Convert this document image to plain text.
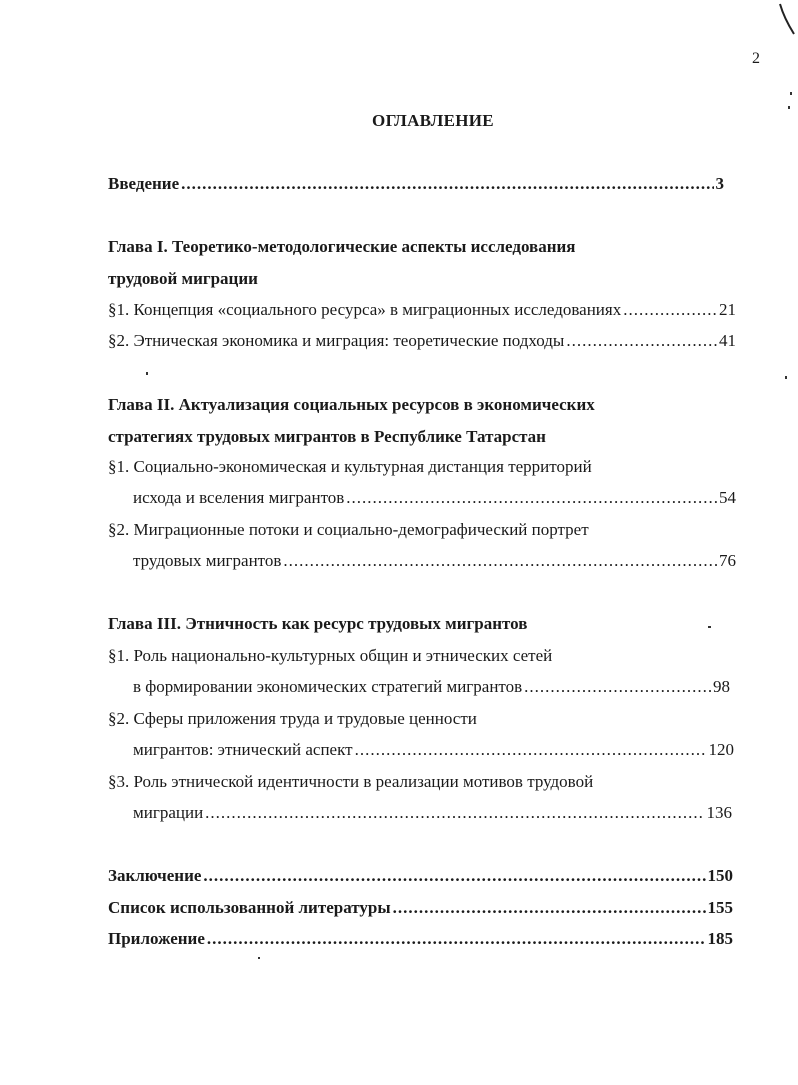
2
ОГЛАВЛЕНИЕ
Введение .....	3
Глава I. Теоретико-методологические аспекты исследования
трудовой миграции
§1. Концепция «социального ресурса» в миграционных исследованиях .....	21
§2. Этническая экономика и миграция: теоретические подходы .....	41
Глава II. Актуализация социальных ресурсов в экономических
стратегиях трудовых мигрантов в Республике Татарстан
§1. Социально-экономическая и культурная дистанция территорий
исхода и вселения мигрантов .....	54
§2. Миграционные потоки и социально-демографический портрет
трудовых мигрантов .....	76
Глава III. Этничность как ресурс трудовых мигрантов
§1. Роль национально-культурных общин и этнических сетей
в формировании экономических стратегий мигрантов .....	98
§2. Сферы приложения труда и трудовые ценности
мигрантов: этнический аспект .....	120
§3. Роль этнической идентичности в реализации мотивов трудовой
миграции .....	136
Заключение .....	150
Список использованной литературы .....	155
Приложение .....	185
